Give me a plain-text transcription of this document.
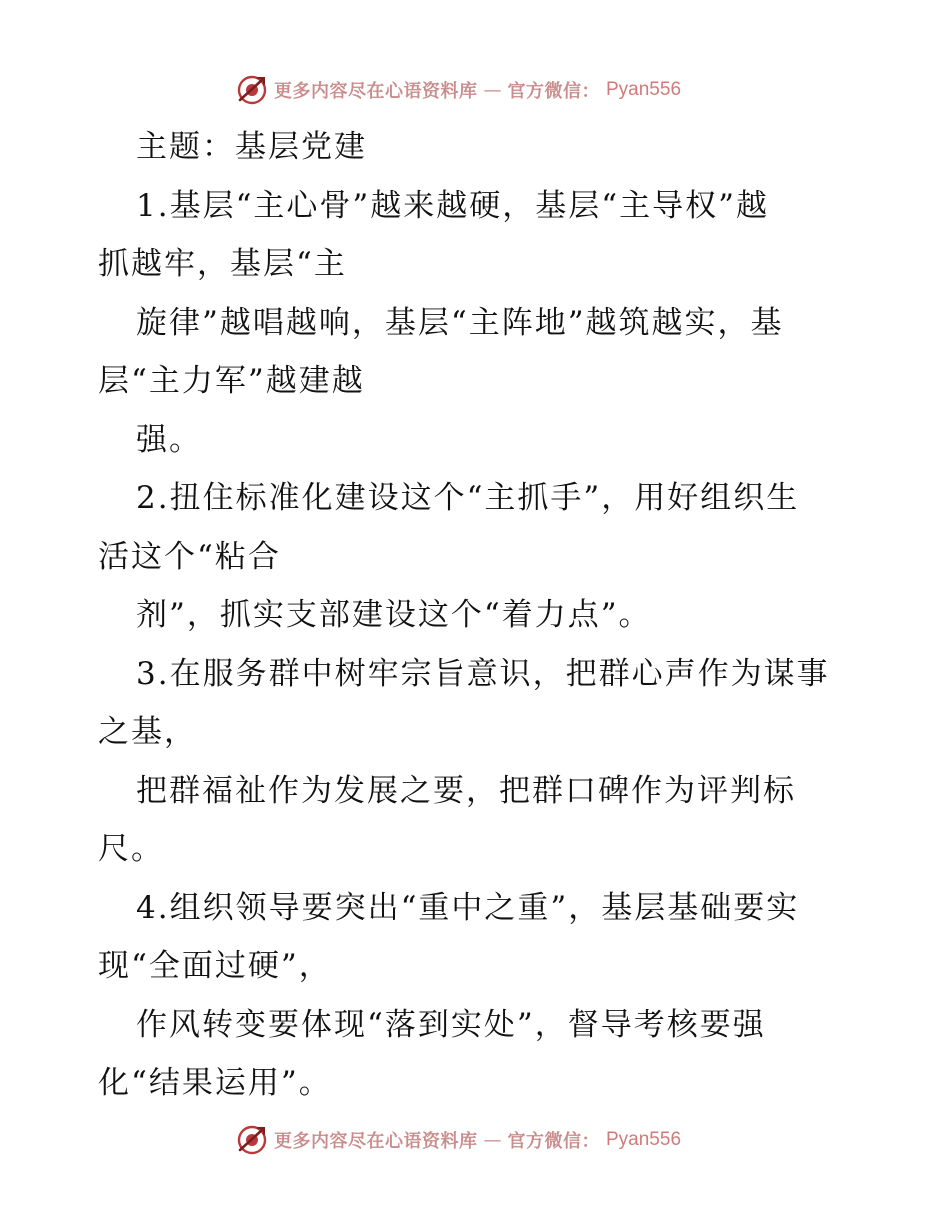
更多内容尽在心语资料库 — 官方微信： Pyan556
主题：基层党建
1.基层“主心骨”越来越硬，基层“主导权”越
抓越牢，基层“主
旋律”越唱越响，基层“主阵地”越筑越实，基
层“主力军”越建越
强。
2.扭住标准化建设这个“主抓手”，用好组织生
活这个“粘合
剂”，抓实支部建设这个“着力点”。
3.在服务群中树牢宗旨意识，把群心声作为谋事
之基，
把群福祉作为发展之要，把群口碑作为评判标
尺。
4.组织领导要突出“重中之重”，基层基础要实
现“全面过硬”，
作风转变要体现“落到实处”，督导考核要强
化“结果运用”。
更多内容尽在心语资料库 — 官方微信： Pyan556
